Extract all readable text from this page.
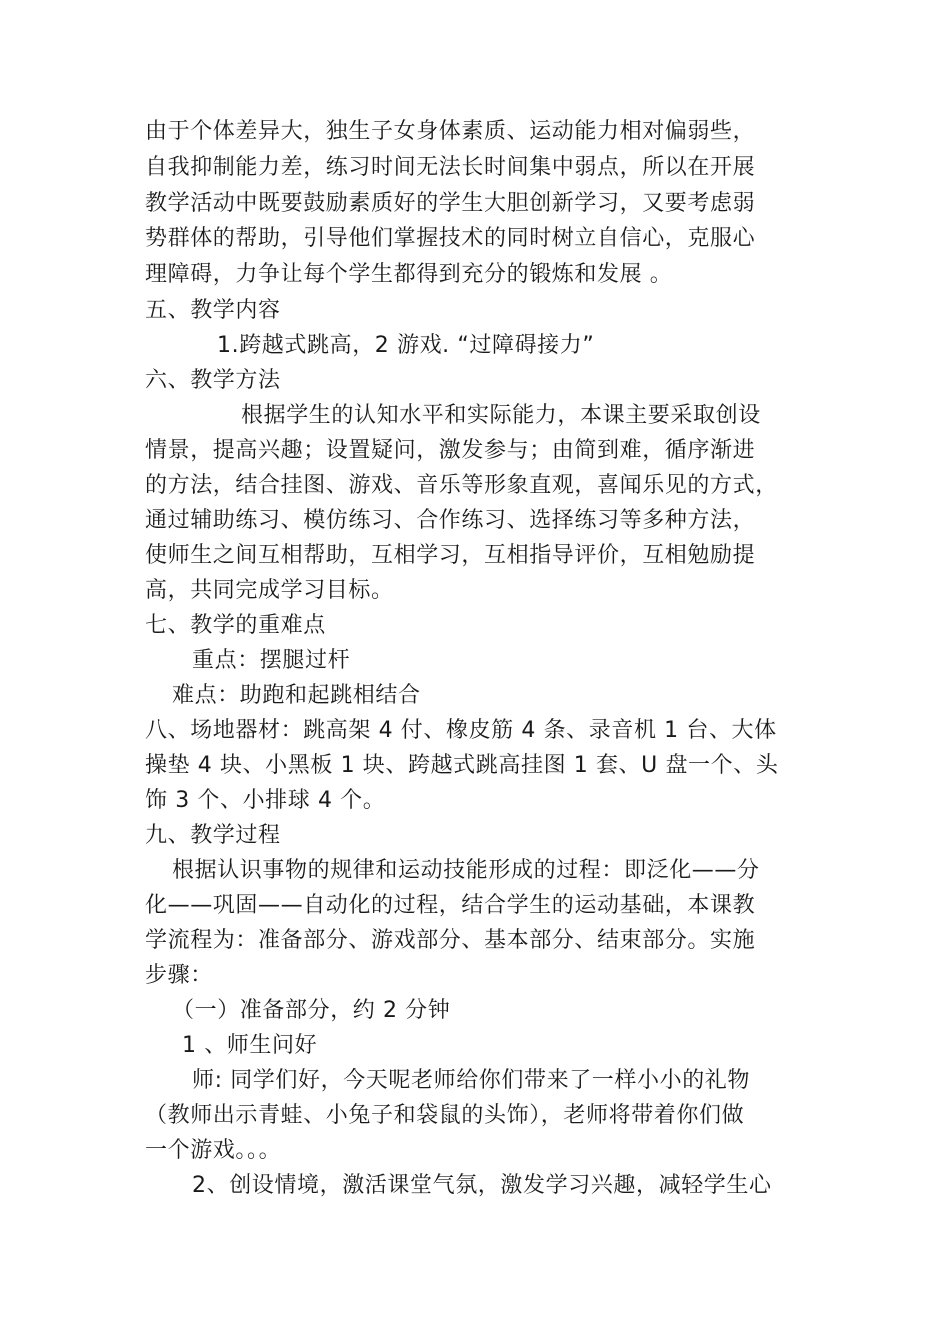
由于个体差异大，独生子女身体素质、运动能力相对偏弱些，
自我抑制能力差，练习时间无法长时间集中弱点，所以在开展
教学活动中既要鼓励素质好的学生大胆创新学习，又要考虑弱
势群体的帮助，引导他们掌握技术的同时树立自信心，克服心
理障碍，力争让每个学生都得到充分的锻炼和发展 。
五、教学内容
1.跨越式跳高，2 游戏. “过障碍接力”
六、教学方法
根据学生的认知水平和实际能力，本课主要采取创设
情景，提高兴趣；设置疑问，激发参与；由简到难，循序渐进
的方法，结合挂图、游戏、音乐等形象直观，喜闻乐见的方式，
通过辅助练习、模仿练习、合作练习、选择练习等多种方法，
使师生之间互相帮助，互相学习，互相指导评价，互相勉励提
高，共同完成学习目标。
七、教学的重难点
重点：摆腿过杆
难点：助跑和起跳相结合
八、场地器材：跳高架 4 付、橡皮筋 4 条、录音机 1 台、大体
操垫 4 块、小黑板 1 块、跨越式跳高挂图 1 套、U 盘一个、头
饰 3 个、小排球 4 个。
九、教学过程
根据认识事物的规律和运动技能形成的过程：即泛化——分
化——巩固——自动化的过程，结合学生的运动基础，本课教
学流程为：准备部分、游戏部分、基本部分、结束部分。实施
步骤：
（一）准备部分，约 2 分钟
1 、师生问好
师: 同学们好，今天呢老师给你们带来了一样小小的礼物
（教师出示青蛙、小兔子和袋鼠的头饰），老师将带着你们做
一个游戏。。。
2、创设情境，激活课堂气氛，激发学习兴趣，减轻学生心
